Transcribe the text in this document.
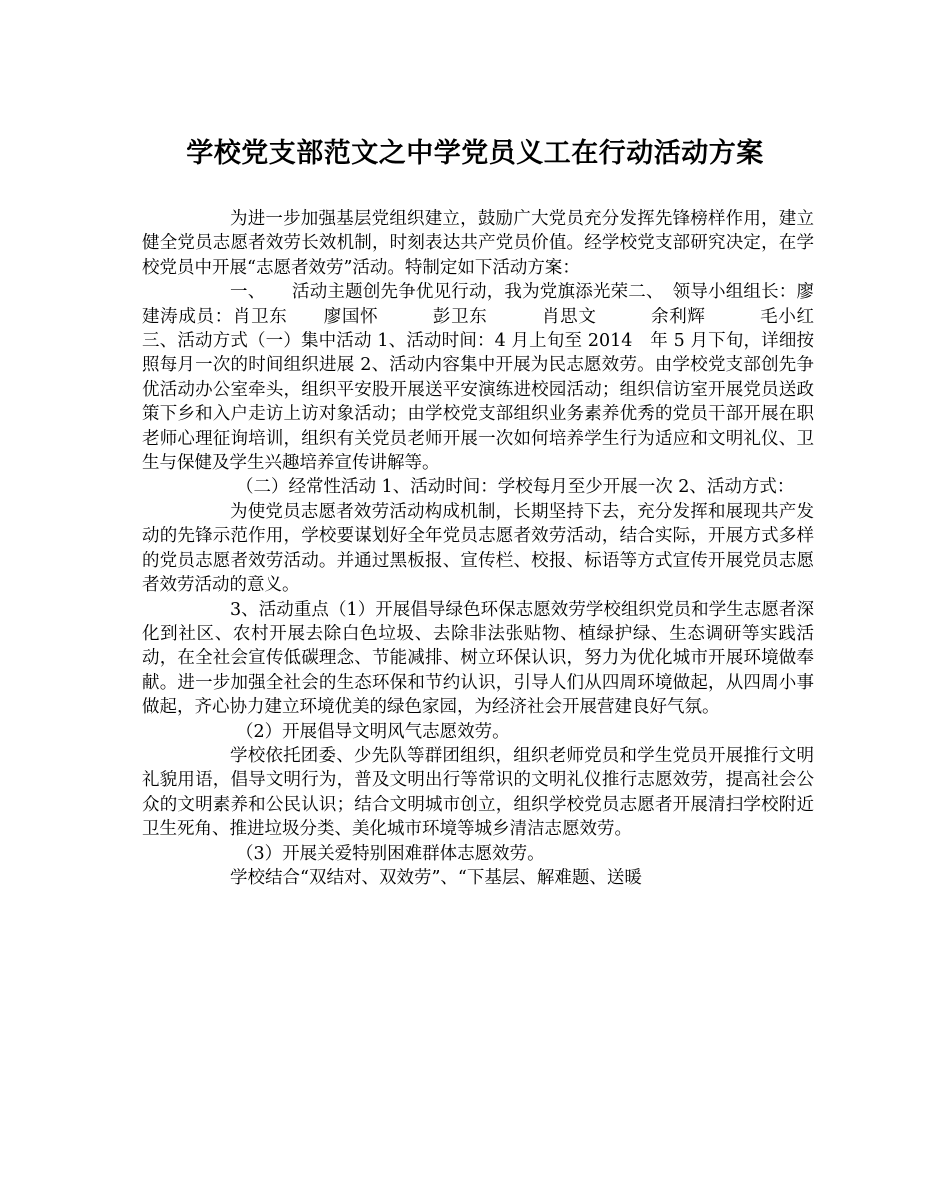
学校党支部范文之中学党员义工在行动活动方案

为进一步加强基层党组织建立，鼓励广大党员充分发挥先锋榜样作用，建立健全党员志愿者效劳长效机制，时刻表达共产党员价值。经学校党支部研究决定，在学校党员中开展“志愿者效劳”活动。特制定如下活动方案：

一、　　活动主题创先争优见行动，我为党旗添光荣二、　领导小组组长：廖建涛成员：肖卫东　　廖国怀　　　彭卫东　　　肖思文　　　余利辉　　　毛小红三、活动方式（一）集中活动 1、活动时间：4 月上旬至 2014　年 5 月下旬，详细按照每月一次的时间组织进展 2、活动内容集中开展为民志愿效劳。由学校党支部创先争优活动办公室牵头，组织平安股开展送平安演练进校园活动；组织信访室开展党员送政策下乡和入户走访上访对象活动；由学校党支部组织业务素养优秀的党员干部开展在职老师心理征询培训，组织有关党员老师开展一次如何培养学生行为适应和文明礼仪、卫生与保健及学生兴趣培养宣传讲解等。

（二）经常性活动 1、活动时间：学校每月至少开展一次 2、活动方式：

为使党员志愿者效劳活动构成机制，长期坚持下去，充分发挥和展现共产发动的先锋示范作用，学校要谋划好全年党员志愿者效劳活动，结合实际，开展方式多样的党员志愿者效劳活动。并通过黑板报、宣传栏、校报、标语等方式宣传开展党员志愿者效劳活动的意义。

3、活动重点（1）开展倡导绿色环保志愿效劳学校组织党员和学生志愿者深化到社区、农村开展去除白色垃圾、去除非法张贴物、植绿护绿、生态调研等实践活动，在全社会宣传低碳理念、节能减排、树立环保认识，努力为优化城市开展环境做奉献。进一步加强全社会的生态环保和节约认识，引导人们从四周环境做起，从四周小事做起，齐心协力建立环境优美的绿色家园，为经济社会开展营建良好气氛。

（2）开展倡导文明风气志愿效劳。

学校依托团委、少先队等群团组织，组织老师党员和学生党员开展推行文明礼貌用语，倡导文明行为，普及文明出行等常识的文明礼仪推行志愿效劳，提高社会公众的文明素养和公民认识；结合文明城市创立，组织学校党员志愿者开展清扫学校附近卫生死角、推进垃圾分类、美化城市环境等城乡清洁志愿效劳。

（3）开展关爱特别困难群体志愿效劳。

学校结合“双结对、双效劳”、“下基层、解难题、送暖
